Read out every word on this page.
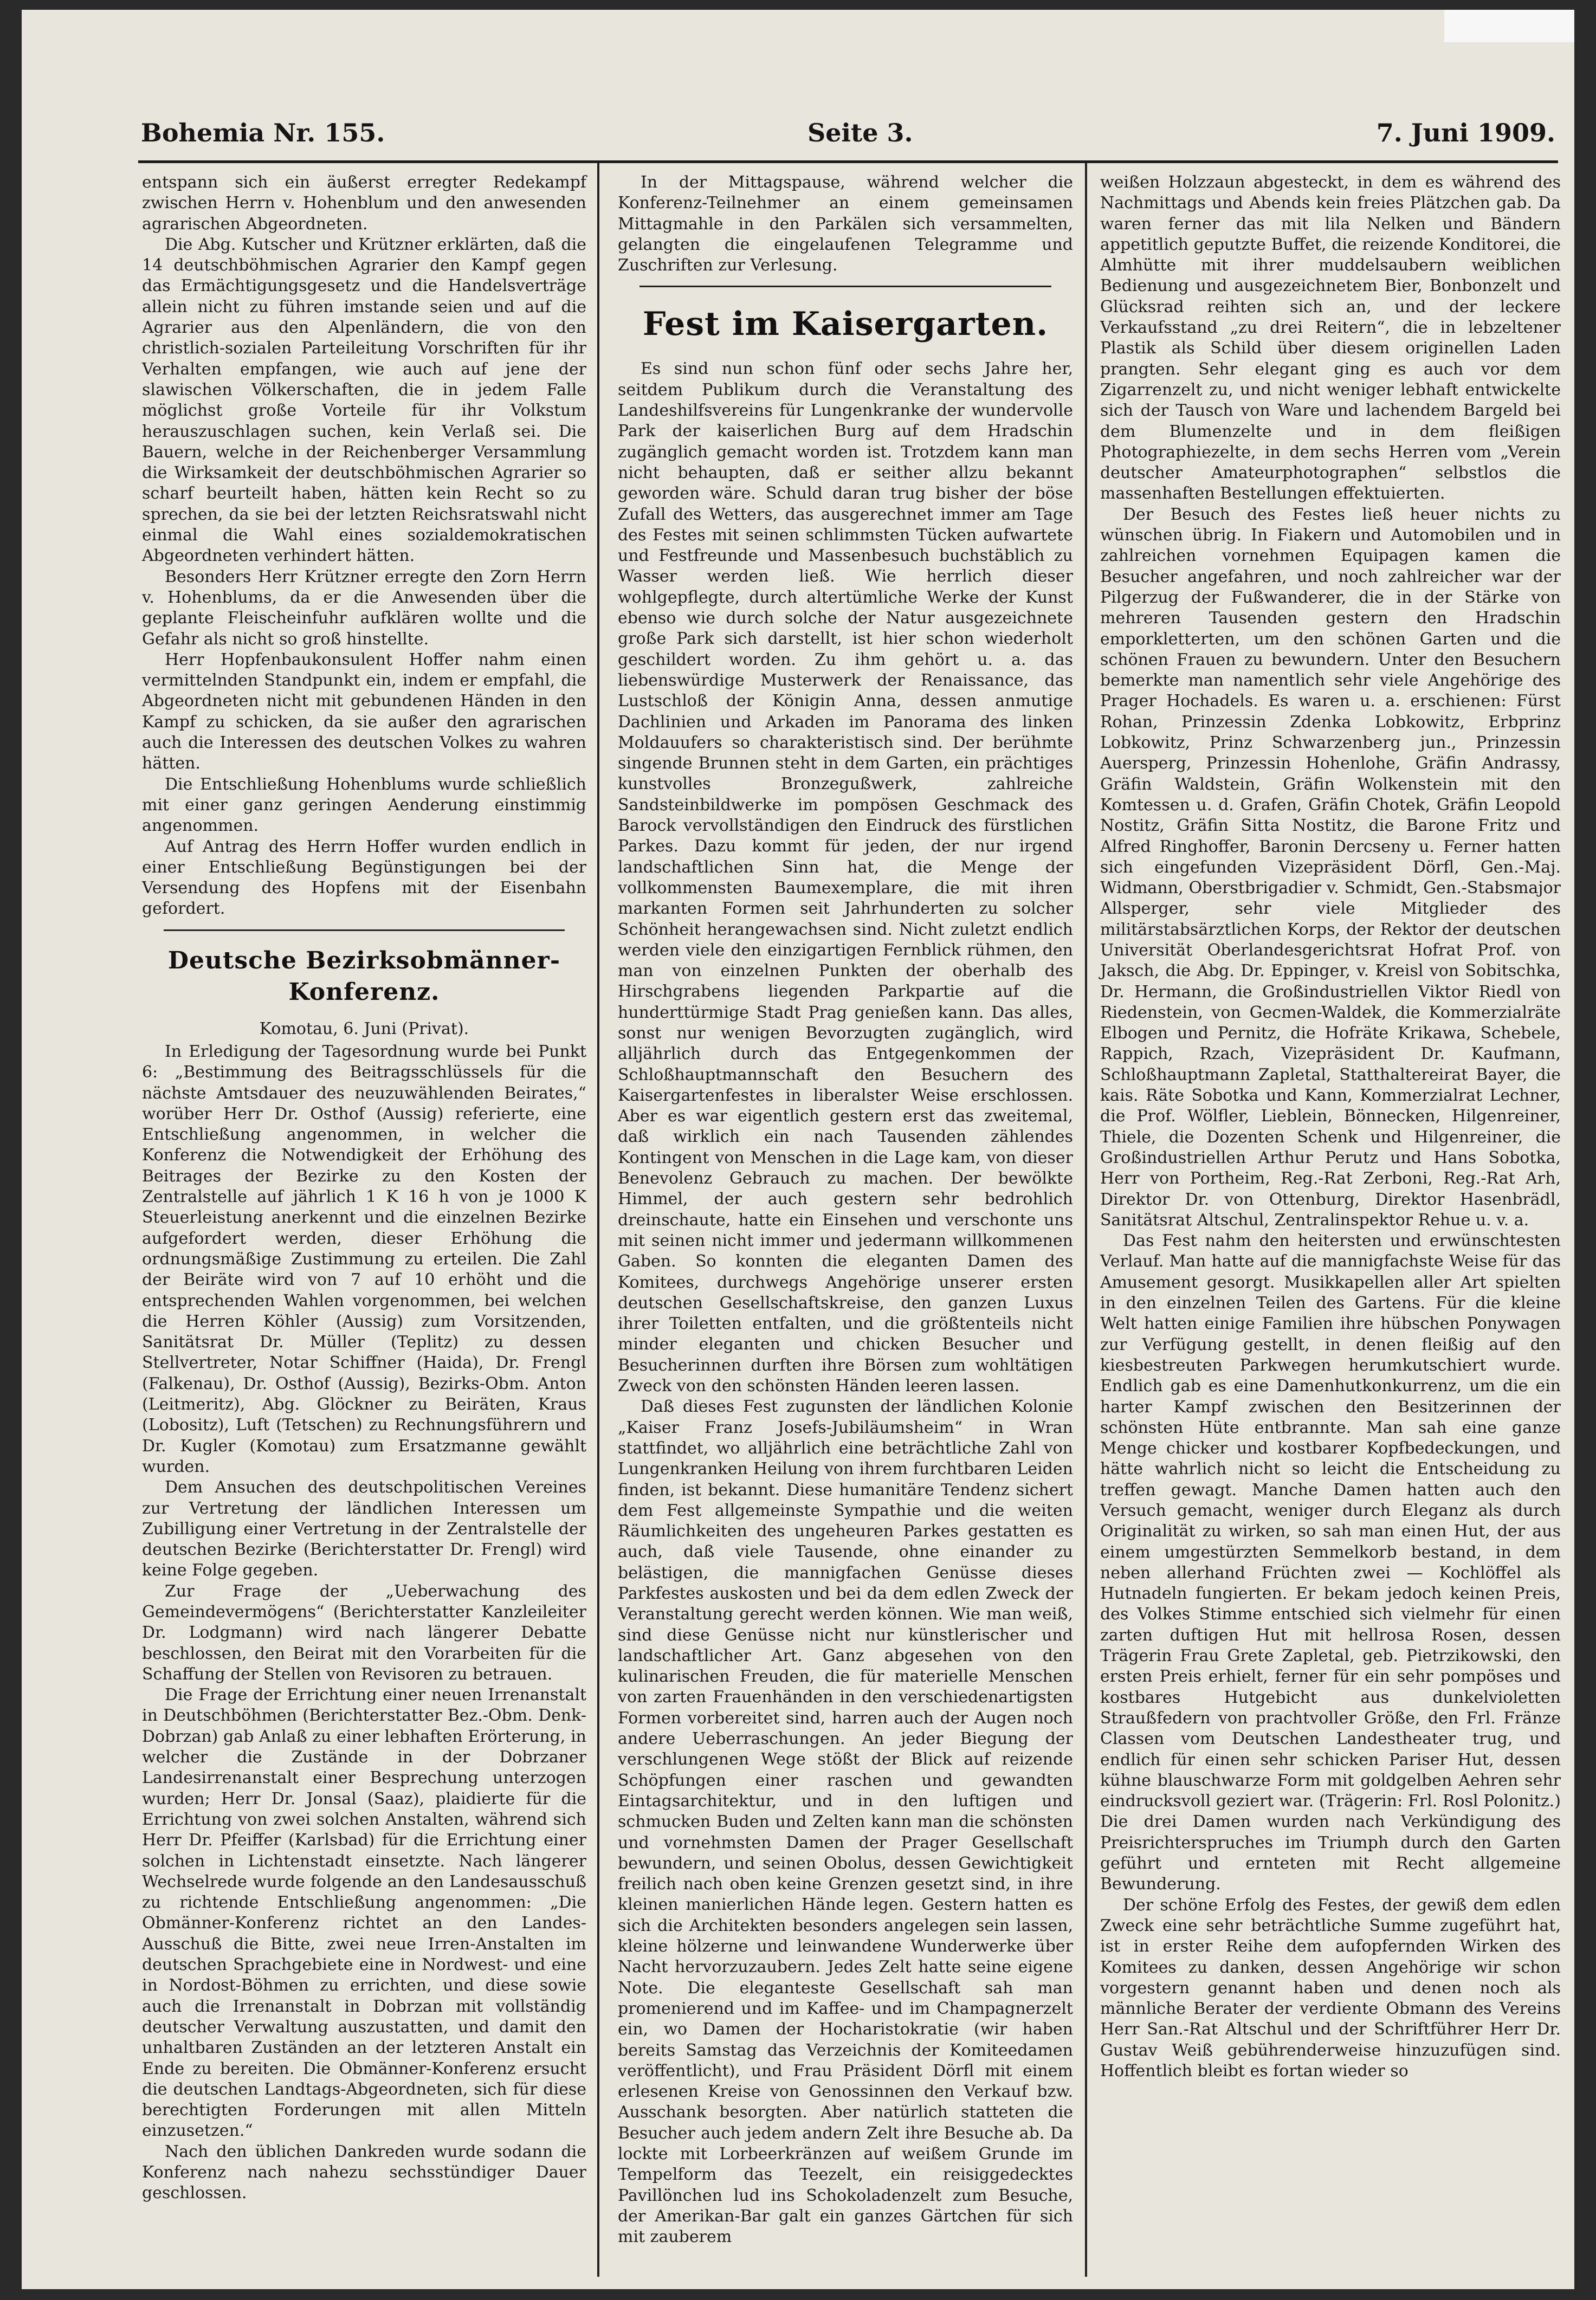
Bohemia Nr. 155.	Seite 3.	7. Juni 1909.

entspann sich ein äußerst erregter Redekampf zwischen Herrn v. Hohenblum und den anwesenden agrarischen Abgeordneten.

Die Abg. Kutscher und Krützner erklärten, daß die 14 deutschböhmischen Agrarier den Kampf gegen das Ermächtigungsgesetz und die Handelsverträge allein nicht zu führen imstande seien und auf die Agrarier aus den Alpenländern, die von den christlich-sozialen Parteileitung Vorschriften für ihr Verhalten empfangen, wie auch auf jene der slawischen Völkerschaften, die in jedem Falle möglichst große Vorteile für ihr Volkstum herauszuschlagen suchen, kein Verlaß sei. Die Bauern, welche in der Reichenberger Versammlung die Wirksamkeit der deutschböhmischen Agrarier so scharf beurteilt haben, hätten kein Recht so zu sprechen, da sie bei der letzten Reichsratswahl nicht einmal die Wahl eines sozialdemokratischen Abgeordneten verhindert hätten.

Besonders Herr Krützner erregte den Zorn Herrn v. Hohenblums, da er die Anwesenden über die geplante Fleischeinfuhr aufklären wollte und die Gefahr als nicht so groß hinstellte.

Herr Hopfenbaukonsulent Hoffer nahm einen vermittelnden Standpunkt ein, indem er empfahl, die Abgeordneten nicht mit gebundenen Händen in den Kampf zu schicken, da sie außer den agrarischen auch die Interessen des deutschen Volkes zu wahren hätten.

Die Entschließung Hohenblums wurde schließlich mit einer ganz geringen Aenderung einstimmig angenommen.

Auf Antrag des Herrn Hoffer wurden endlich in einer Entschließung Begünstigungen bei der Versendung des Hopfens mit der Eisenbahn gefordert.

Deutsche Bezirksobmänner-Konferenz.

Komotau, 6. Juni (Privat).

In Erledigung der Tagesordnung wurde bei Punkt 6: „Bestimmung des Beitragsschlüssels für die nächste Amtsdauer des neuzuwählenden Beirates,“ worüber Herr Dr. Osthof (Aussig) referierte, eine Entschließung angenommen, in welcher die Konferenz die Notwendigkeit der Erhöhung des Beitrages der Bezirke zu den Kosten der Zentralstelle auf jährlich 1 K 16 h von je 1000 K Steuerleistung anerkennt und die einzelnen Bezirke aufgefordert werden, dieser Erhöhung die ordnungsmäßige Zustimmung zu erteilen. Die Zahl der Beiräte wird von 7 auf 10 erhöht und die entsprechenden Wahlen vorgenommen, bei welchen die Herren Köhler (Aussig) zum Vorsitzenden, Sanitätsrat Dr. Müller (Teplitz) zu dessen Stellvertreter, Notar Schiffner (Haida), Dr. Frengl (Falkenau), Dr. Osthof (Aussig), Bezirks-Obm. Anton (Leitmeritz), Abg. Glöckner zu Beiräten, Kraus (Lobositz), Luft (Tetschen) zu Rechnungsführern und Dr. Kugler (Komotau) zum Ersatzmanne gewählt wurden.

Dem Ansuchen des deutschpolitischen Vereines zur Vertretung der ländlichen Interessen um Zubilligung einer Vertretung in der Zentralstelle der deutschen Bezirke (Berichterstatter Dr. Frengl) wird keine Folge gegeben.

Zur Frage der „Ueberwachung des Gemeindevermögens“ (Berichterstatter Kanzleileiter Dr. Lodgmann) wird nach längerer Debatte beschlossen, den Beirat mit den Vorarbeiten für die Schaffung der Stellen von Revisoren zu betrauen.

Die Frage der Errichtung einer neuen Irrenanstalt in Deutschböhmen (Berichterstatter Bez.-Obm. Denk-Dobrzan) gab Anlaß zu einer lebhaften Erörterung, in welcher die Zustände in der Dobrzaner Landesirrenanstalt einer Besprechung unterzogen wurden; Herr Dr. Jonsal (Saaz), plaidierte für die Errichtung von zwei solchen Anstalten, während sich Herr Dr. Pfeiffer (Karlsbad) für die Errichtung einer solchen in Lichtenstadt einsetzte. Nach längerer Wechselrede wurde folgende an den Landesausschuß zu richtende Entschließung angenommen: „Die Obmänner-Konferenz richtet an den Landes-Ausschuß die Bitte, zwei neue Irren-Anstalten im deutschen Sprachgebiete eine in Nordwest- und eine in Nordost-Böhmen zu errichten, und diese sowie auch die Irrenanstalt in Dobrzan mit vollständig deutscher Verwaltung auszustatten, und damit den unhaltbaren Zuständen an der letzteren Anstalt ein Ende zu bereiten. Die Obmänner-Konferenz ersucht die deutschen Landtags-Abgeordneten, sich für diese berechtigten Forderungen mit allen Mitteln einzusetzen.“

Nach den üblichen Dankreden wurde sodann die Konferenz nach nahezu sechsstündiger Dauer geschlossen.

In der Mittagspause, während welcher die Konferenz-Teilnehmer an einem gemeinsamen Mittagmahle in den Parkälen sich versammelten, gelangten die eingelaufenen Telegramme und Zuschriften zur Verlesung.

Fest im Kaisergarten.

Es sind nun schon fünf oder sechs Jahre her, seitdem Publikum durch die Veranstaltung des Landeshilfsvereins für Lungenkranke der wundervolle Park der kaiserlichen Burg auf dem Hradschin zugänglich gemacht worden ist. Trotzdem kann man nicht behaupten, daß er seither allzu bekannt geworden wäre. Schuld daran trug bisher der böse Zufall des Wetters, das ausgerechnet immer am Tage des Festes mit seinen schlimmsten Tücken aufwartete und Festfreunde und Massenbesuch buchstäblich zu Wasser werden ließ. Wie herrlich dieser wohlgepflegte, durch altertümliche Werke der Kunst ebenso wie durch solche der Natur ausgezeichnete große Park sich darstellt, ist hier schon wiederholt geschildert worden. Zu ihm gehört u. a. das liebenswürdige Musterwerk der Renaissance, das Lustschloß der Königin Anna, dessen anmutige Dachlinien und Arkaden im Panorama des linken Moldauufers so charakteristisch sind. Der berühmte singende Brunnen steht in dem Garten, ein prächtiges kunstvolles Bronzegußwerk, zahlreiche Sandsteinbildwerke im pompösen Geschmack des Barock vervollständigen den Eindruck des fürstlichen Parkes. Dazu kommt für jeden, der nur irgend landschaftlichen Sinn hat, die Menge der vollkommensten Baumexemplare, die mit ihren markanten Formen seit Jahrhunderten zu solcher Schönheit herangewachsen sind. Nicht zuletzt endlich werden viele den einzigartigen Fernblick rühmen, den man von einzelnen Punkten der oberhalb des Hirschgrabens liegenden Parkpartie auf die hunderttürmige Stadt Prag genießen kann. Das alles, sonst nur wenigen Bevorzugten zugänglich, wird alljährlich durch das Entgegenkommen der Schloßhauptmannschaft den Besuchern des Kaisergartenfestes in liberalster Weise erschlossen. Aber es war eigentlich gestern erst das zweitemal, daß wirklich ein nach Tausenden zählendes Kontingent von Menschen in die Lage kam, von dieser Benevolenz Gebrauch zu machen. Der bewölkte Himmel, der auch gestern sehr bedrohlich dreinschaute, hatte ein Einsehen und verschonte uns mit seinen nicht immer und jedermann willkommenen Gaben. So konnten die eleganten Damen des Komitees, durchwegs Angehörige unserer ersten deutschen Gesellschaftskreise, den ganzen Luxus ihrer Toiletten entfalten, und die größtenteils nicht minder eleganten und chicken Besucher und Besucherinnen durften ihre Börsen zum wohltätigen Zweck von den schönsten Händen leeren lassen.

Daß dieses Fest zugunsten der ländlichen Kolonie „Kaiser Franz Josefs-Jubiläumsheim“ in Wran stattfindet, wo alljährlich eine beträchtliche Zahl von Lungenkranken Heilung von ihrem furchtbaren Leiden finden, ist bekannt. Diese humanitäre Tendenz sichert dem Fest allgemeinste Sympathie und die weiten Räumlichkeiten des ungeheuren Parkes gestatten es auch, daß viele Tausende, ohne einander zu belästigen, die mannigfachen Genüsse dieses Parkfestes auskosten und bei da dem edlen Zweck der Veranstaltung gerecht werden können. Wie man weiß, sind diese Genüsse nicht nur künstlerischer und landschaftlicher Art. Ganz abgesehen von den kulinarischen Freuden, die für materielle Menschen von zarten Frauenhänden in den verschiedenartigsten Formen vorbereitet sind, harren auch der Augen noch andere Ueberraschungen. An jeder Biegung der verschlungenen Wege stößt der Blick auf reizende Schöpfungen einer raschen und gewandten Eintagsarchitektur, und in den luftigen und schmucken Buden und Zelten kann man die schönsten und vornehmsten Damen der Prager Gesellschaft bewundern, und seinen Obolus, dessen Gewichtigkeit freilich nach oben keine Grenzen gesetzt sind, in ihre kleinen manierlichen Hände legen. Gestern hatten es sich die Architekten besonders angelegen sein lassen, kleine hölzerne und leinwandene Wunderwerke über Nacht hervorzuzaubern. Jedes Zelt hatte seine eigene Note. Die eleganteste Gesellschaft sah man promenierend und im Kaffee- und im Champagnerzelt ein, wo Damen der Hocharistokratie (wir haben bereits Samstag das Verzeichnis der Komiteedamen veröffentlicht), und Frau Präsident Dörfl mit einem erlesenen Kreise von Genossinnen den Verkauf bzw. Ausschank besorgten. Aber natürlich statteten die Besucher auch jedem andern Zelt ihre Besuche ab. Da lockte mit Lorbeerkränzen auf weißem Grunde im Tempelform das Teezelt, ein reisiggedecktes Pavillönchen lud ins Schokoladenzelt zum Besuche, der Amerikan-Bar galt ein ganzes Gärtchen für sich mit zauberem

weißen Holzzaun abgesteckt, in dem es während des Nachmittags und Abends kein freies Plätzchen gab. Da waren ferner das mit lila Nelken und Bändern appetitlich geputzte Buffet, die reizende Konditorei, die Almhütte mit ihrer muddelsaubern weiblichen Bedienung und ausgezeichnetem Bier, Bonbonzelt und Glücksrad reihten sich an, und der leckere Verkaufsstand „zu drei Reitern“, die in lebzeltener Plastik als Schild über diesem originellen Laden prangten. Sehr elegant ging es auch vor dem Zigarrenzelt zu, und nicht weniger lebhaft entwickelte sich der Tausch von Ware und lachendem Bargeld bei dem Blumenzelte und in dem fleißigen Photographiezelte, in dem sechs Herren vom „Verein deutscher Amateurphotographen“ selbstlos die massenhaften Bestellungen effektuierten.

Der Besuch des Festes ließ heuer nichts zu wünschen übrig. In Fiakern und Automobilen und in zahlreichen vornehmen Equipagen kamen die Besucher angefahren, und noch zahlreicher war der Pilgerzug der Fußwanderer, die in der Stärke von mehreren Tausenden gestern den Hradschin emporkletterten, um den schönen Garten und die schönen Frauen zu bewundern. Unter den Besuchern bemerkte man namentlich sehr viele Angehörige des Prager Hochadels. Es waren u. a. erschienen: Fürst Rohan, Prinzessin Zdenka Lobkowitz, Erbprinz Lobkowitz, Prinz Schwarzenberg jun., Prinzessin Auersperg, Prinzessin Hohenlohe, Gräfin Andrassy, Gräfin Waldstein, Gräfin Wolkenstein mit den Komtessen u. d. Grafen, Gräfin Chotek, Gräfin Leopold Nostitz, Gräfin Sitta Nostitz, die Barone Fritz und Alfred Ringhoffer, Baronin Dercseny u. Ferner hatten sich eingefunden Vizepräsident Dörfl, Gen.-Maj. Widmann, Oberstbrigadier v. Schmidt, Gen.-Stabsmajor Allsperger, sehr viele Mitglieder des militärstabsärztlichen Korps, der Rektor der deutschen Universität Oberlandesgerichtsrat Hofrat Prof. von Jaksch, die Abg. Dr. Eppinger, v. Kreisl von Sobitschka, Dr. Hermann, die Großindustriellen Viktor Riedl von Riedenstein, von Gecmen-Waldek, die Kommerzialräte Elbogen und Pernitz, die Hofräte Krikawa, Schebele, Rappich, Rzach, Vizepräsident Dr. Kaufmann, Schloßhauptmann Zapletal, Statthaltereirat Bayer, die kais. Räte Sobotka und Kann, Kommerzialrat Lechner, die Prof. Wölfler, Lieblein, Bönnecken, Hilgenreiner, Thiele, die Dozenten Schenk und Hilgenreiner, die Großindustriellen Arthur Perutz und Hans Sobotka, Herr von Portheim, Reg.-Rat Zerboni, Reg.-Rat Arh, Direktor Dr. von Ottenburg, Direktor Hasenbrädl, Sanitätsrat Altschul, Zentralinspektor Rehue u. v. a.

Das Fest nahm den heitersten und erwünschtesten Verlauf. Man hatte auf die mannigfachste Weise für das Amusement gesorgt. Musikkapellen aller Art spielten in den einzelnen Teilen des Gartens. Für die kleine Welt hatten einige Familien ihre hübschen Ponywagen zur Verfügung gestellt, in denen fleißig auf den kiesbestreuten Parkwegen herumkutschiert wurde. Endlich gab es eine Damenhutkonkurrenz, um die ein harter Kampf zwischen den Besitzerinnen der schönsten Hüte entbrannte. Man sah eine ganze Menge chicker und kostbarer Kopfbedeckungen, und hätte wahrlich nicht so leicht die Entscheidung zu treffen gewagt. Manche Damen hatten auch den Versuch gemacht, weniger durch Eleganz als durch Originalität zu wirken, so sah man einen Hut, der aus einem umgestürzten Semmelkorb bestand, in dem neben allerhand Früchten zwei — Kochlöffel als Hutnadeln fungierten. Er bekam jedoch keinen Preis, des Volkes Stimme entschied sich vielmehr für einen zarten duftigen Hut mit hellrosa Rosen, dessen Trägerin Frau Grete Zapletal, geb. Pietrzikowski, den ersten Preis erhielt, ferner für ein sehr pompöses und kostbares Hutgebicht aus dunkelvioletten Straußfedern von prachtvoller Größe, den Frl. Fränze Classen vom Deutschen Landestheater trug, und endlich für einen sehr schicken Pariser Hut, dessen kühne blauschwarze Form mit goldgelben Aehren sehr eindrucksvoll geziert war. (Trägerin: Frl. Rosl Polonitz.) Die drei Damen wurden nach Verkündigung des Preisrichterspruches im Triumph durch den Garten geführt und ernteten mit Recht allgemeine Bewunderung.

Der schöne Erfolg des Festes, der gewiß dem edlen Zweck eine sehr beträchtliche Summe zugeführt hat, ist in erster Reihe dem aufopfernden Wirken des Komitees zu danken, dessen Angehörige wir schon vorgestern genannt haben und denen noch als männliche Berater der verdiente Obmann des Vereins Herr San.-Rat Altschul und der Schriftführer Herr Dr. Gustav Weiß gebührenderweise hinzuzufügen sind. Hoffentlich bleibt es fortan wieder so
